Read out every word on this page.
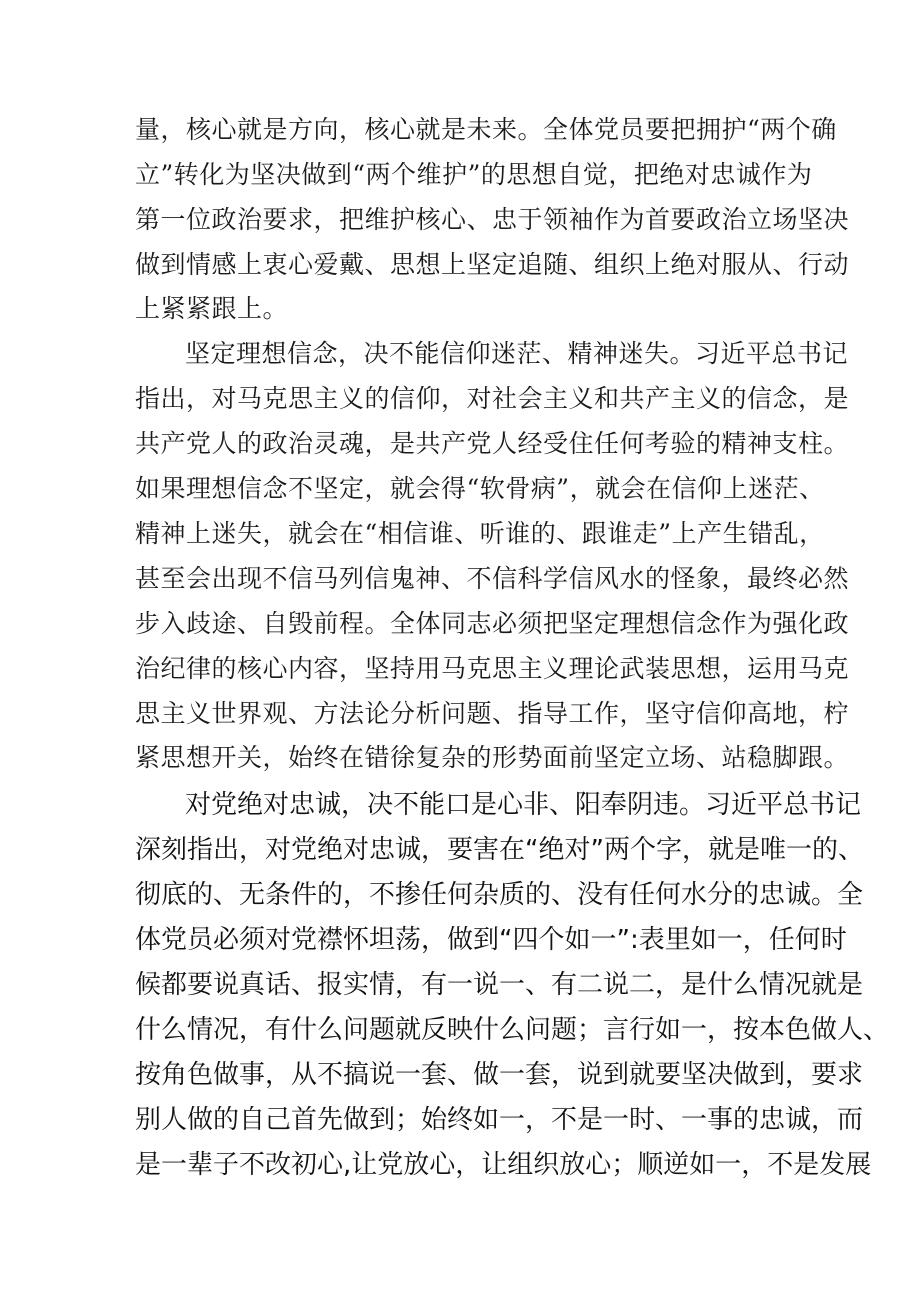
量，核心就是方向，核心就是未来。全体党员要把拥护“两个确
立”转化为坚决做到“两个维护”的思想自觉，把绝对忠诚作为
第一位政治要求，把维护核心、忠于领袖作为首要政治立场坚决
做到情感上衷心爱戴、思想上坚定追随、组织上绝对服从、行动
上紧紧跟上。
坚定理想信念，决不能信仰迷茫、精神迷失。习近平总书记
指出，对马克思主义的信仰，对社会主义和共产主义的信念，是
共产党人的政治灵魂，是共产党人经受住任何考验的精神支柱。
如果理想信念不坚定，就会得“软骨病”，就会在信仰上迷茫、
精神上迷失，就会在“相信谁、听谁的、跟谁走”上产生错乱，
甚至会出现不信马列信鬼神、不信科学信风水的怪象，最终必然
步入歧途、自毁前程。全体同志必须把坚定理想信念作为强化政
治纪律的核心内容，坚持用马克思主义理论武装思想，运用马克
思主义世界观、方法论分析问题、指导工作，坚守信仰高地，柠
紧思想开关，始终在错徐复杂的形势面前坚定立场、站稳脚跟。
对党绝对忠诚，决不能口是心非、阳奉阴违。习近平总书记
深刻指出，对党绝对忠诚，要害在“绝对”两个字，就是唯一的、
彻底的、无条件的，不掺任何杂质的、没有任何水分的忠诚。全
体党员必须对党襟怀坦荡，做到“四个如一”:表里如一，任何时
候都要说真话、报实情，有一说一、有二说二，是什么情况就是
什么情况，有什么问题就反映什么问题；言行如一，按本色做人、
按角色做事，从不搞说一套、做一套，说到就要坚决做到，要求
别人做的自己首先做到；始终如一，不是一时、一事的忠诚，而
是一辈子不改初心,让党放心，让组织放心；顺逆如一，不是发展
